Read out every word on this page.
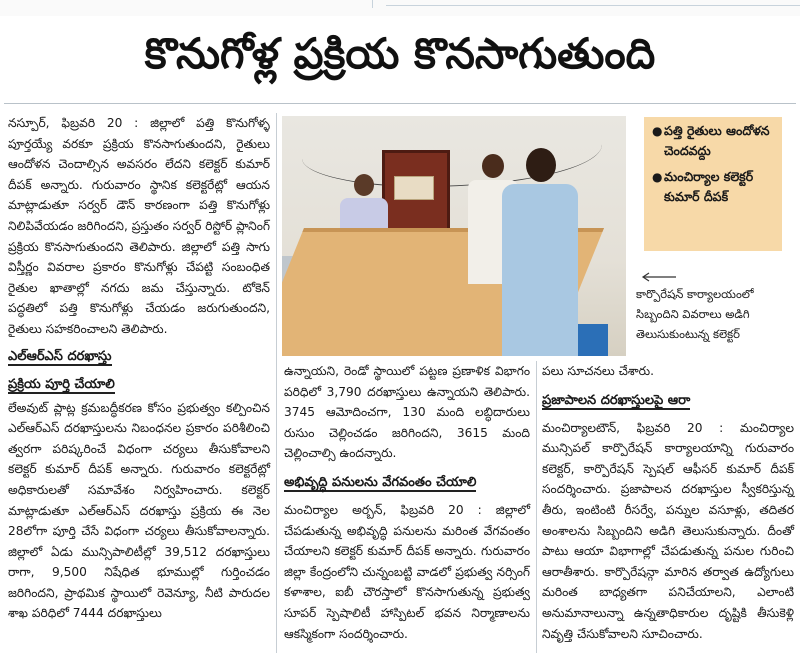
కొనుగోళ్ల ప్రక్రియ కొనసాగుతుంది

నస్పూర్, ఫిబ్రవరి 20 : జిల్లాలో పత్తి కొనుగోళ్ళ పూర్తయ్యే వరకూ ప్రక్రియ కొనసాగుతుందని, రైతులు ఆందోళన చెందాల్సిన అవసరం లేదని కలెక్టర్ కుమార్ దీపక్ అన్నారు. గురువారం స్థానిక కలెక్టరేట్లో ఆయన మాట్లాడుతూ సర్వర్ డౌన్ కారణంగా పత్తి కొనుగోళ్లు నిలిపివేయడం జరిగిందని, ప్రస్తుతం సర్వర్ రిస్టోర్ ప్లానింగ్ ప్రక్రియ కొనసాగుతుందని తెలిపారు. జిల్లాలో పత్తి సాగు విస్తీర్ణం వివరాల ప్రకారం కొనుగోళ్లు చేపట్టి సంబంధిత రైతుల ఖాతాల్లో నగదు జమ చేస్తున్నారు. టోకెన్ పద్ధతిలో పత్తి కొనుగోళ్లు చేయడం జరుగుతుందని, రైతులు సహకరించాలని తెలిపారు.

ఎల్ఆర్ఎస్ దరఖాస్తు

ప్రక్రియ పూర్తి చేయాలి

లేఅవుట్ ప్లాట్ల క్రమబద్ధీకరణ కోసం ప్రభుత్వం కల్పించిన ఎల్ఆర్ఎస్ దరఖాస్తులను నిబంధనల ప్రకారం పరిశీలించి త్వరగా పరిష్కరించే విధంగా చర్యలు తీసుకోవాలని కలెక్టర్ కుమార్ దీపక్ అన్నారు. గురువారం కలెక్టరేట్లో అధికారులతో సమావేశం నిర్వహించారు. కలెక్టర్ మాట్లాడుతూ ఎల్ఆర్ఎస్ దరఖాస్తు ప్రక్రియ ఈ నెల 28లోగా పూర్తి చేసే విధంగా చర్యలు తీసుకోవాలన్నారు. జిల్లాలో ఏడు మున్సిపాలిటీల్లో 39,512 దరఖాస్తులు రాగా, 9,500 నిషేధిత భూముల్లో గుర్తించడం జరిగిందని, ప్రాథమిక స్థాయిలో రెవెన్యూ, నీటి పారుదల శాఖ పరిధిలో 7444 దరఖాస్తులు

● పత్తి రైతులు ఆందోళన చెందవద్దు
● మంచిర్యాల కలెక్టర్ కుమార్ దీపక్
కార్పొరేషన్ కార్యాలయంలో సిబ్బందిని వివరాలు అడిగి తెలుసుకుంటున్న కలెక్టర్

ఉన్నాయని, రెండో స్థాయిలో పట్టణ ప్రణాళిక విభాగం పరిధిలో 3,790 దరఖాస్తులు ఉన్నాయని తెలిపారు. 3745 ఆమోదించగా, 130 మంది లబ్ధిదారులు రుసుం చెల్లించడం జరిగిందని, 3615 మంది చెల్లించాల్సి ఉందన్నారు.

అభివృద్ధి పనులను వేగవంతం చేయాలి

మంచిర్యాల అర్బన్, ఫిబ్రవరి 20 : జిల్లాలో చేపడుతున్న అభివృద్ధి పనులను మరింత వేగవంతం చేయాలని కలెక్టర్ కుమార్ దీపక్ అన్నారు. గురువారం జిల్లా కేంద్రంలోని చున్నంబట్టి వాడలో ప్రభుత్వ నర్సింగ్ కళాశాల, ఐబీ చౌరస్తాలో కొనసాగుతున్న ప్రభుత్వ సూపర్ స్పెషాలిటీ హాస్పిటల్ భవన నిర్మాణాలను ఆకస్మికంగా సందర్శించారు.

పలు సూచనలు చేశారు.

ప్రజాపాలన దరఖాస్తులపై ఆరా

మంచిర్యాలటౌన్, ఫిబ్రవరి 20 : మంచిర్యాల మున్సిపల్ కార్పొరేషన్ కార్యాలయాన్ని గురువారం కలెక్టర్, కార్పొరేషన్ స్పెషల్ ఆఫీసర్ కుమార్ దీపక్ సందర్శించారు. ప్రజాపాలన దరఖాస్తుల స్వీకరిస్తున్న తీరు, ఇంటింటి రీసర్వే, పన్నుల వసూళ్లు, తదితర అంశాలను సిబ్బందిని అడిగి తెలుసుకున్నారు. దీంతో పాటు ఆయా విభాగాల్లో చేపడుతున్న పనుల గురించి ఆరాతీశారు. కార్పొరేషన్గా మారిన తర్వాత ఉద్యోగులు మరింత బాధ్యతగా పనిచేయాలని, ఎలాంటి అనుమానాలున్నా ఉన్నతాధికారుల దృష్టికి తీసుకెళ్లి నివృత్తి చేసుకోవాలని సూచించారు.
